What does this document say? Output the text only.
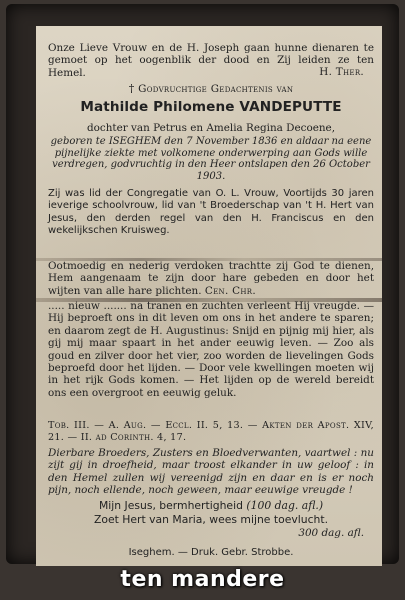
Onze Lieve Vrouw en de H. Joseph gaan hunne dienaren te gemoet op het oogenblik der dood en Zij leiden ze ten Hemel.	H. Ther.
† Godvruchtige Gedachtenis van
Mathilde Philomene VANDEPUTTE
dochter van Petrus en Amelia Regina Decoene,
geboren te ISEGHEM den 7 November 1836 en aldaar na eene pijnelijke ziekte met volkomene onderwerping aan Gods wille verdregen, godvruchtig in den Heer ontslapen den 26 October 1903.
Zij was lid der Congregatie van O. L. Vrouw, Voortijds 30 jaren ieverige schoolvrouw, lid van 't Broederschap van 't H. Hert van Jesus, den derden regel van den H. Franciscus en den wekelijkschen Kruisweg.
Ootmoedig en nederig verdoken trachtte zij God te dienen, Hem aangenaam te zijn door hare gebeden en door het wijten van alle hare plichten. Cen. Chr.
..... nieuw ....... na tranen en zuchten verleent Hij vreugde. — Hij beproeft ons in dit leven om ons in het andere te sparen; en daarom zegt de H. Augustinus: Snijd en pijnig mij hier, als gij mij maar spaart in het ander eeuwig leven. — Zoo als goud en zilver door het vier, zoo worden de lievelingen Gods beproefd door het lijden. — Door vele kwellingen moeten wij in het rijk Gods komen. — Het lijden op de wereld bereidt ons een overgroot en eeuwig geluk.
Tob. III. — A. Aug. — Eccl. II. 5, 13. — Akten der Apost. XIV, 21. — II. ad Corinth. 4, 17.
Dierbare Broeders, Zusters en Bloedverwanten, vaartwel : nu zijt gij in droefheid, maar troost elkander in uw geloof : in den Hemel zullen wij vereenigd zijn en daar en is er noch pijn, noch ellende, noch geween, maar eeuwige vreugde !
Mijn Jesus, bermhertigheid (100 dag. afl.)
Zoet Hert van Maria, wees mijne toevlucht.
300 dag. afl.
Iseghem. — Druk. Gebr. Strobbe.
ten mandere
